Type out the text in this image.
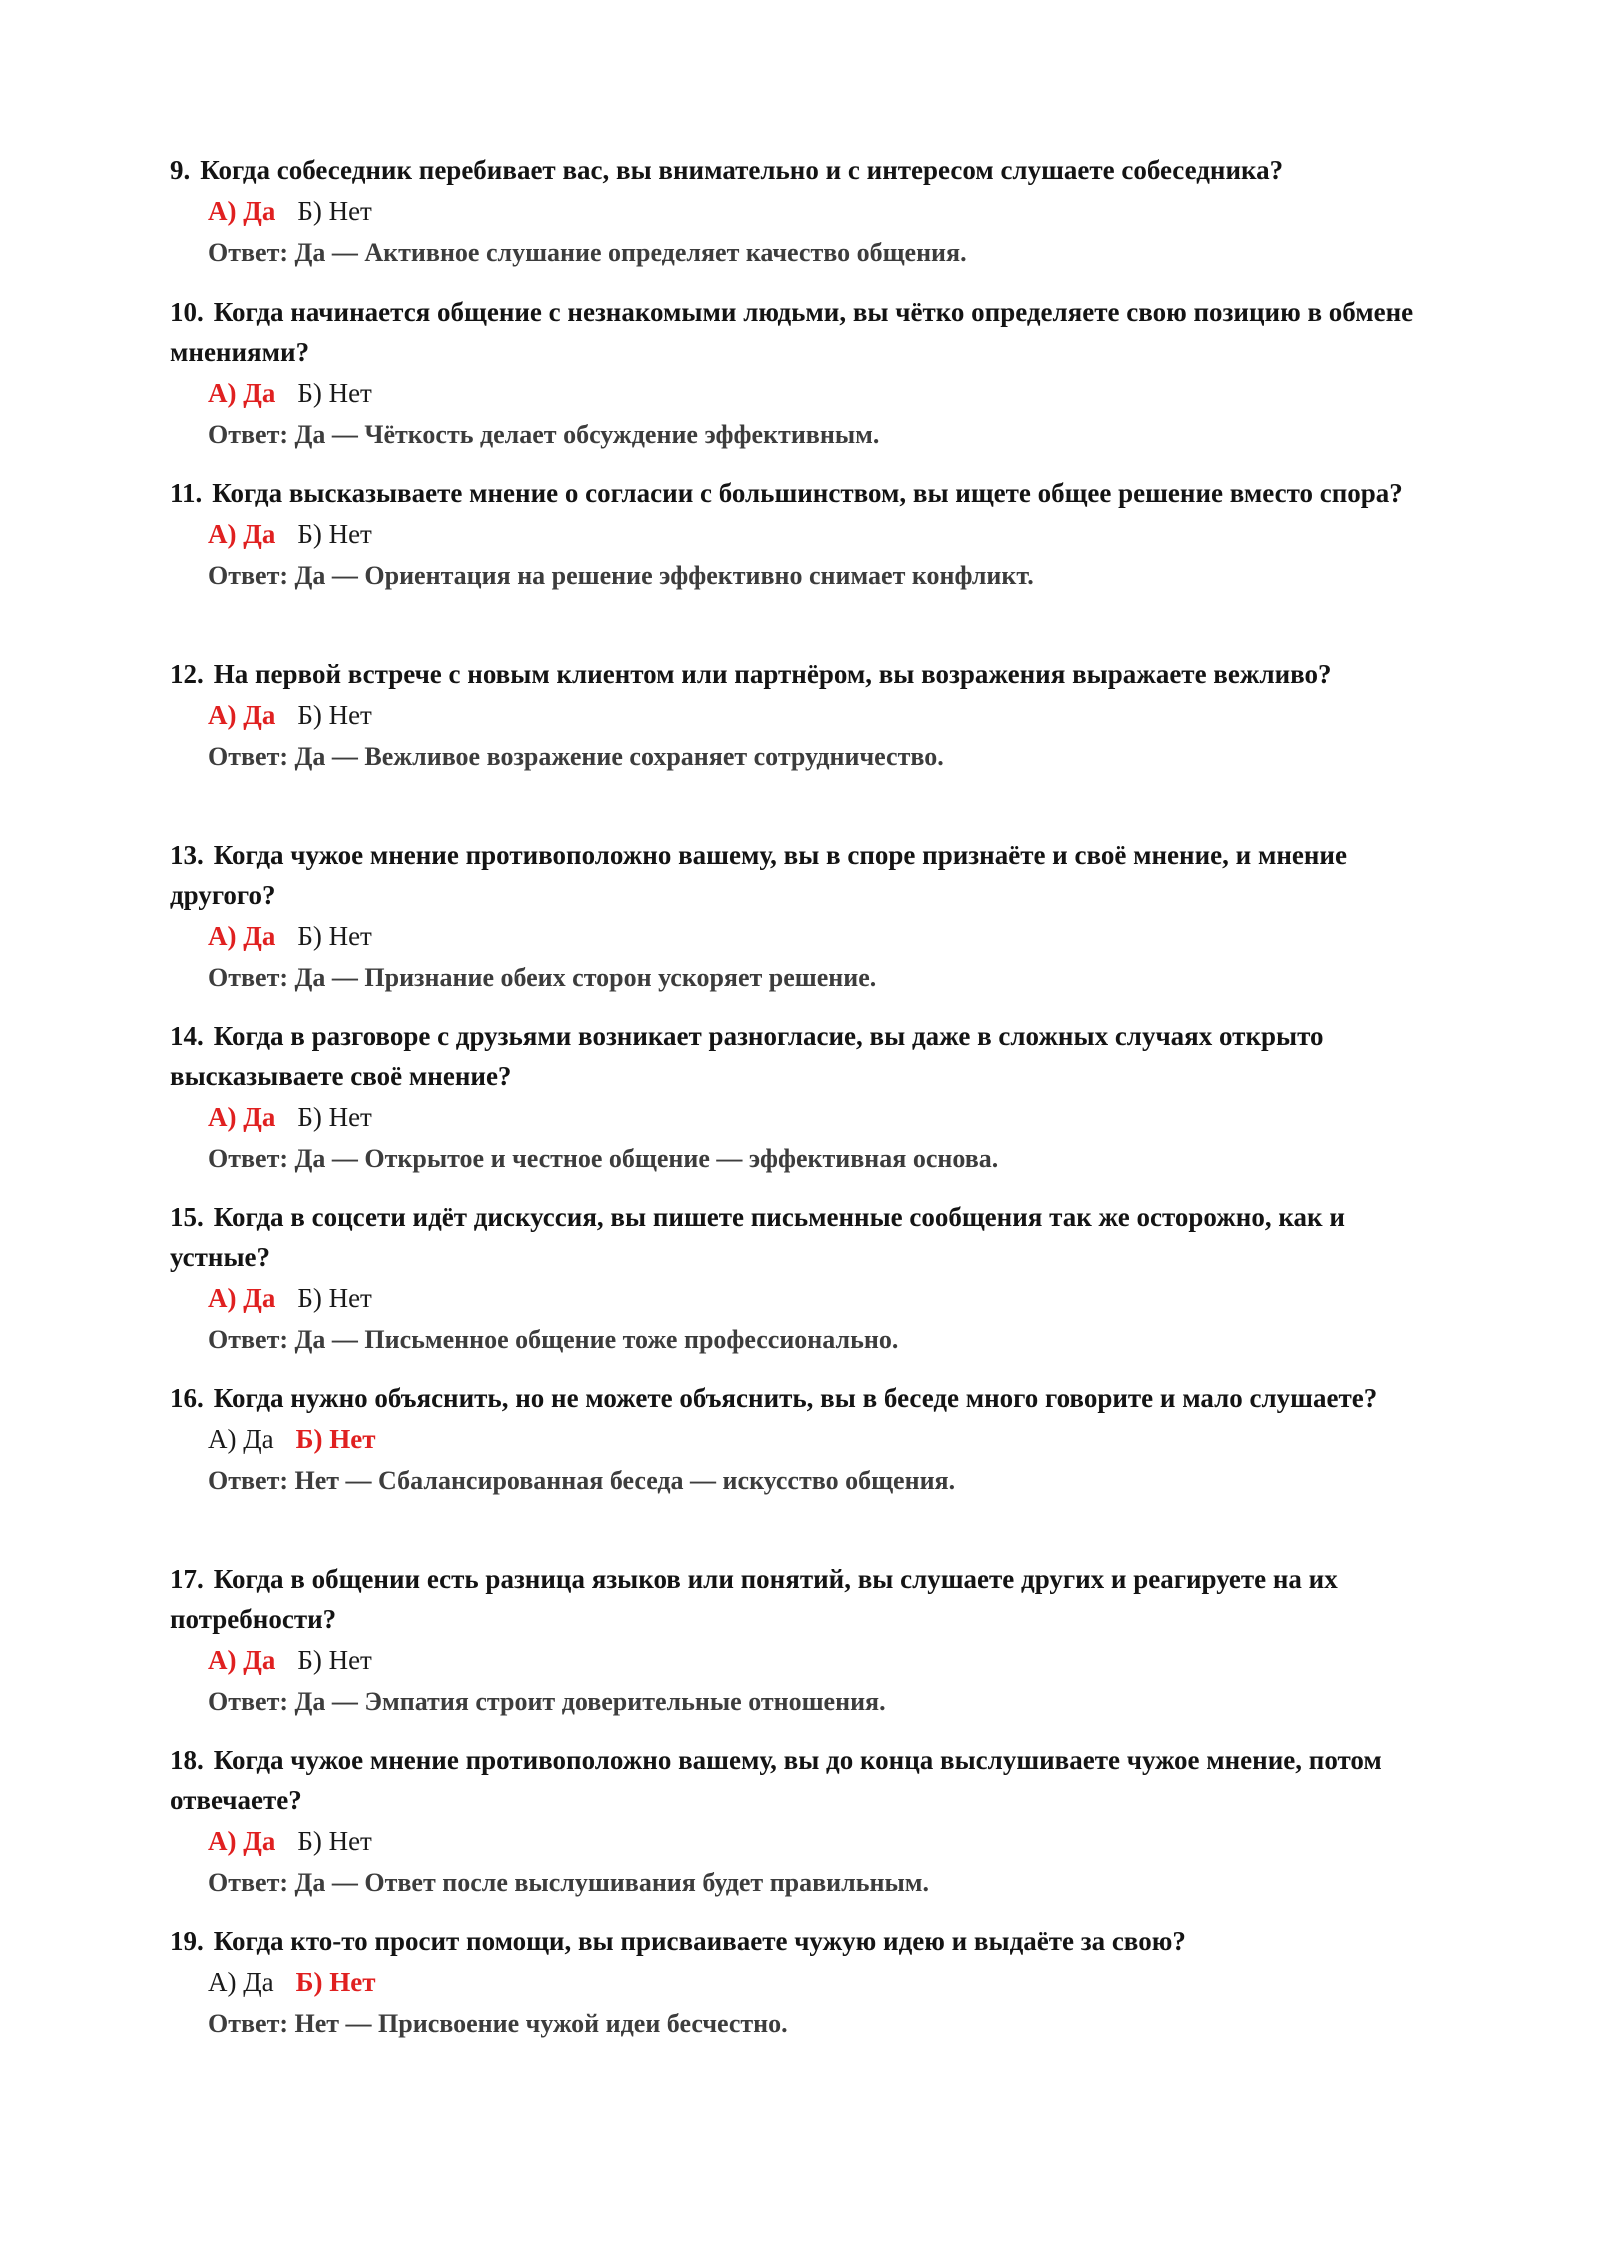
9. Когда собеседник перебивает вас, вы внимательно и с интересом слушаете собеседника?
А) Да Б) Нет
Ответ: Да — Активное слушание определяет качество общения.
10. Когда начинается общение с незнакомыми людьми, вы чётко определяете свою позицию в обмене мнениями?
А) Да Б) Нет
Ответ: Да — Чёткость делает обсуждение эффективным.
11. Когда высказываете мнение о согласии с большинством, вы ищете общее решение вместо спора?
А) Да Б) Нет
Ответ: Да — Ориентация на решение эффективно снимает конфликт.
12. На первой встрече с новым клиентом или партнёром, вы возражения выражаете вежливо?
А) Да Б) Нет
Ответ: Да — Вежливое возражение сохраняет сотрудничество.
13. Когда чужое мнение противоположно вашему, вы в споре признаёте и своё мнение, и мнение другого?
А) Да Б) Нет
Ответ: Да — Признание обеих сторон ускоряет решение.
14. Когда в разговоре с друзьями возникает разногласие, вы даже в сложных случаях открыто высказываете своё мнение?
А) Да Б) Нет
Ответ: Да — Открытое и честное общение — эффективная основа.
15. Когда в соцсети идёт дискуссия, вы пишете письменные сообщения так же осторожно, как и устные?
А) Да Б) Нет
Ответ: Да — Письменное общение тоже профессионально.
16. Когда нужно объяснить, но не можете объяснить, вы в беседе много говорите и мало слушаете?
А) Да Б) Нет
Ответ: Нет — Сбалансированная беседа — искусство общения.
17. Когда в общении есть разница языков или понятий, вы слушаете других и реагируете на их потребности?
А) Да Б) Нет
Ответ: Да — Эмпатия строит доверительные отношения.
18. Когда чужое мнение противоположно вашему, вы до конца выслушиваете чужое мнение, потом отвечаете?
А) Да Б) Нет
Ответ: Да — Ответ после выслушивания будет правильным.
19. Когда кто-то просит помощи, вы присваиваете чужую идею и выдаёте за свою?
А) Да Б) Нет
Ответ: Нет — Присвоение чужой идеи бесчестно.
